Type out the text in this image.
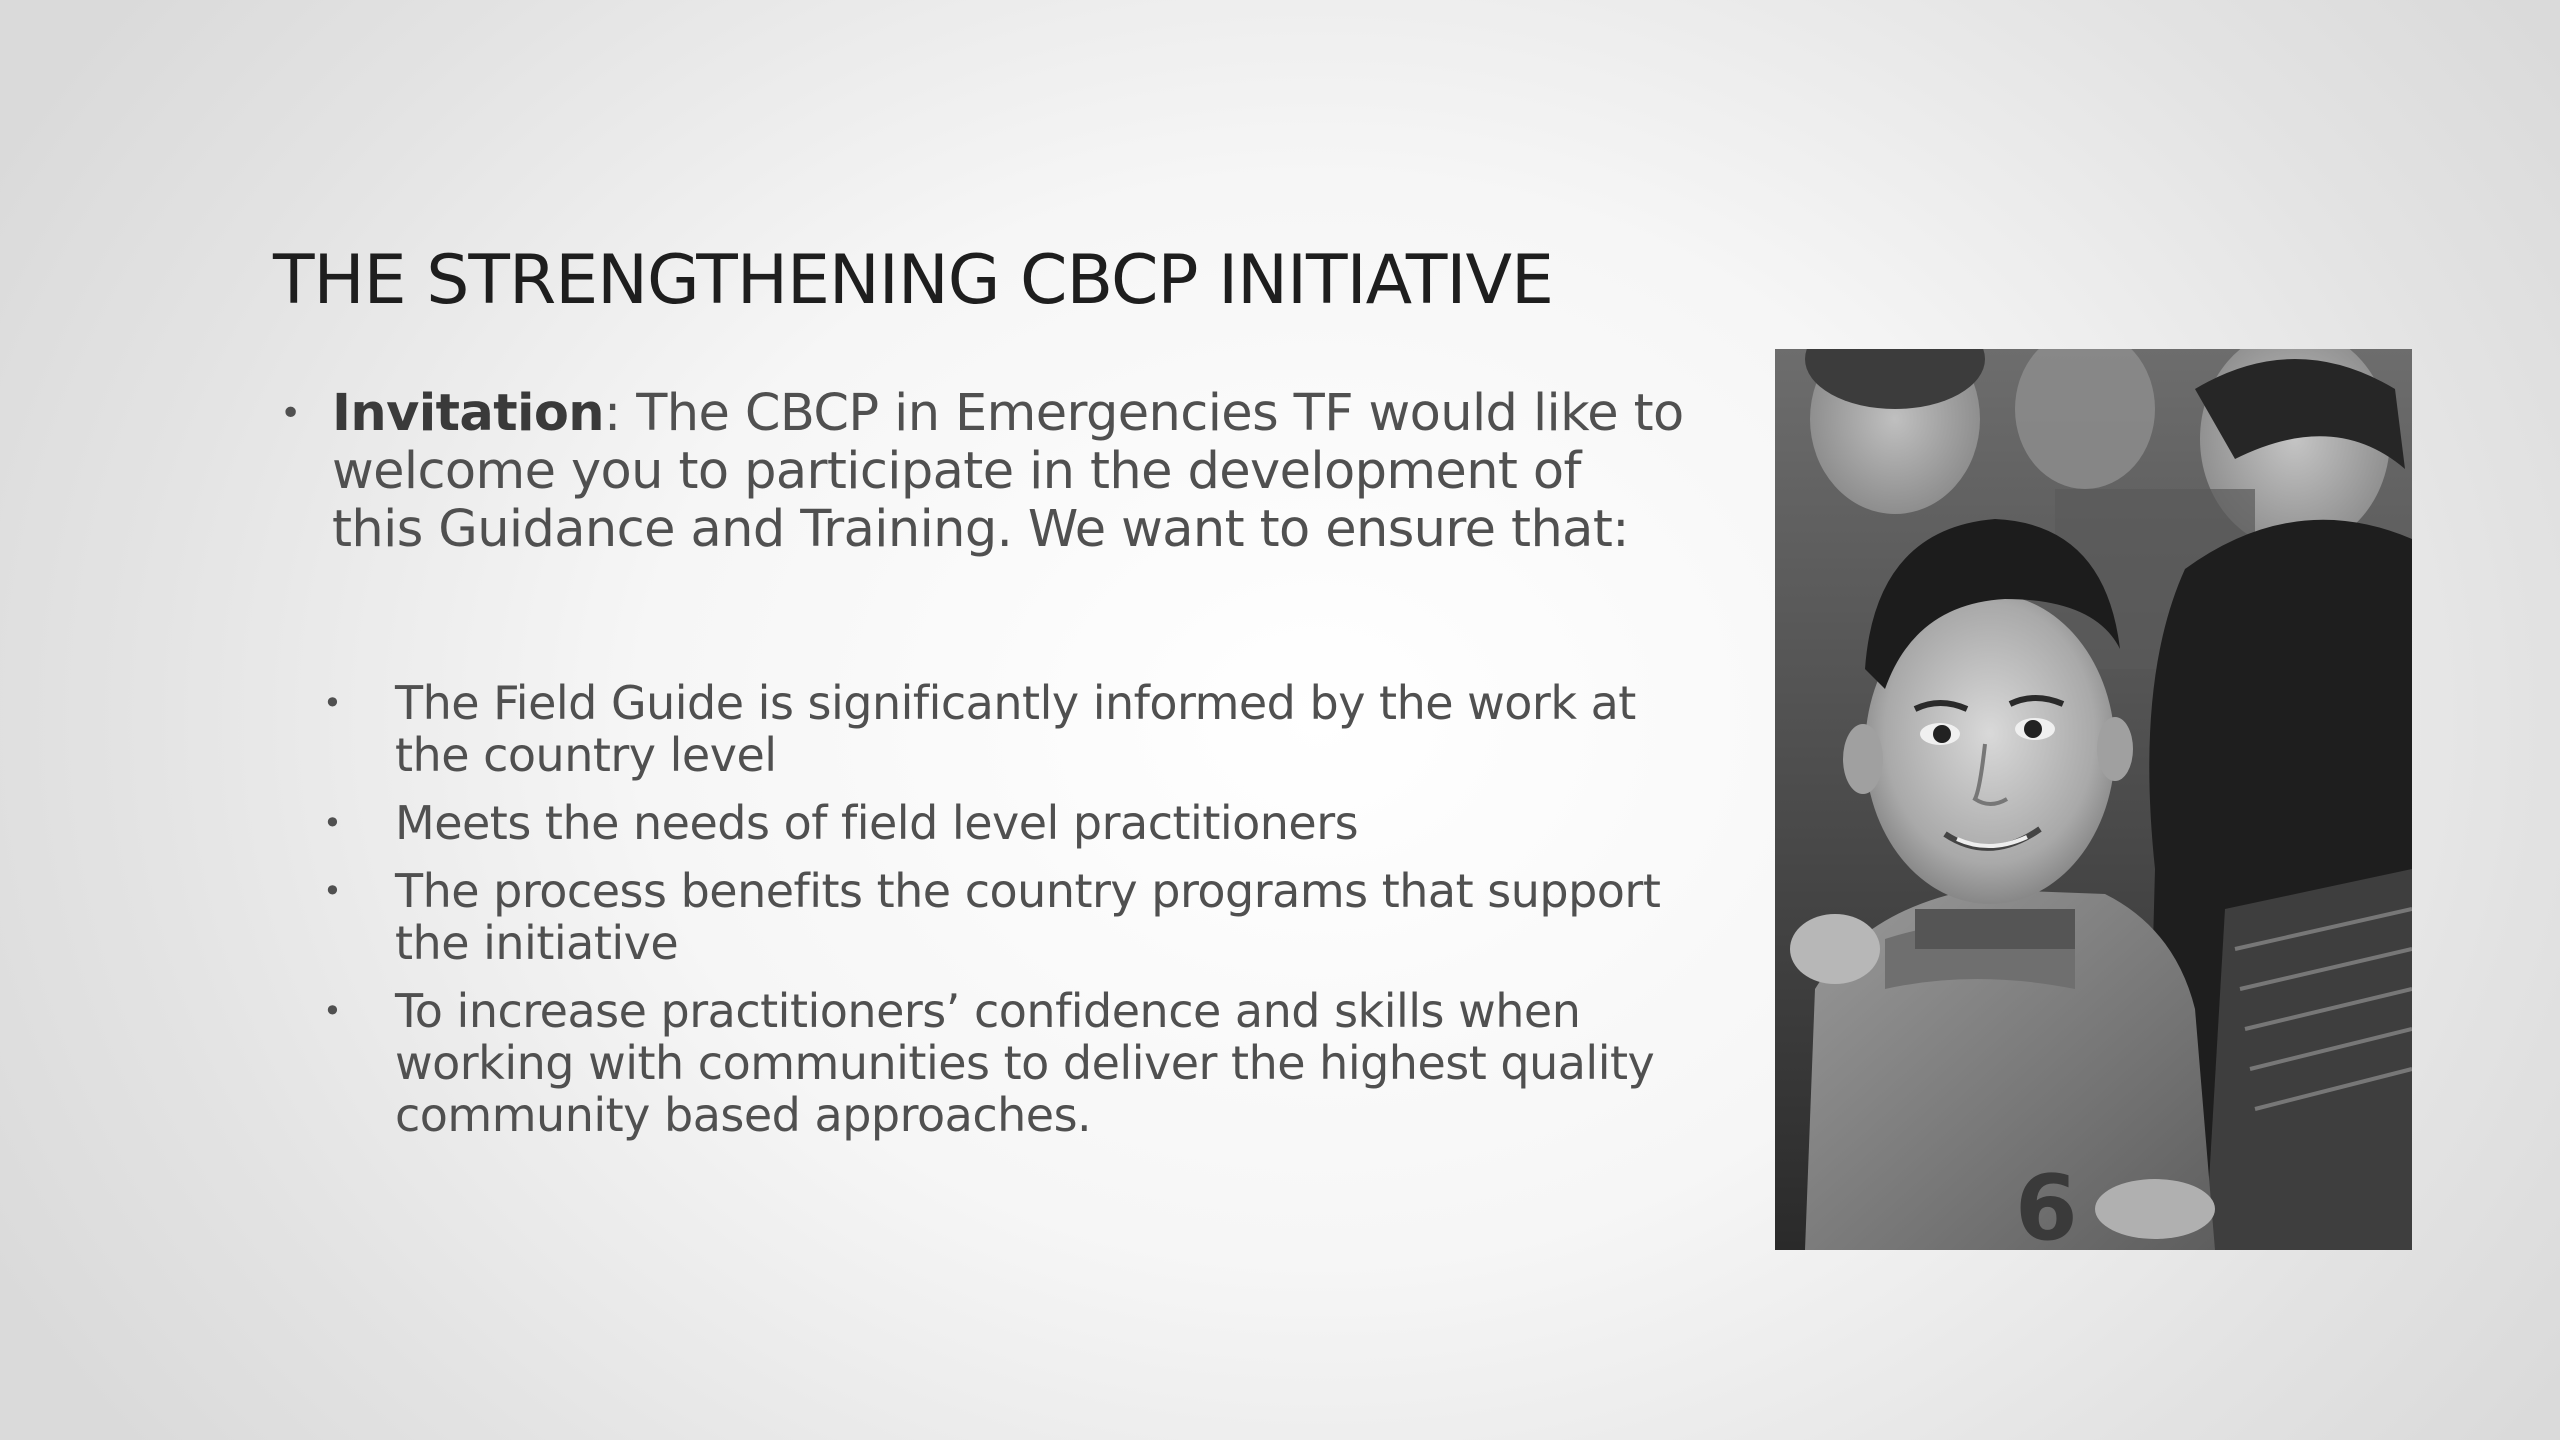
THE STRENGTHENING CBCP INITIATIVE
• Invitation: The CBCP in Emergencies TF would like to
welcome you to participate in the development of
this Guidance and Training. We want to ensure that:
• The Field Guide is significantly informed by the work at
the country level
• Meets the needs of field level practitioners
• The process benefits the country programs that support
the initiative
• To increase practitioners’ confidence and skills when
working with communities to deliver the highest quality
community based approaches.
6
